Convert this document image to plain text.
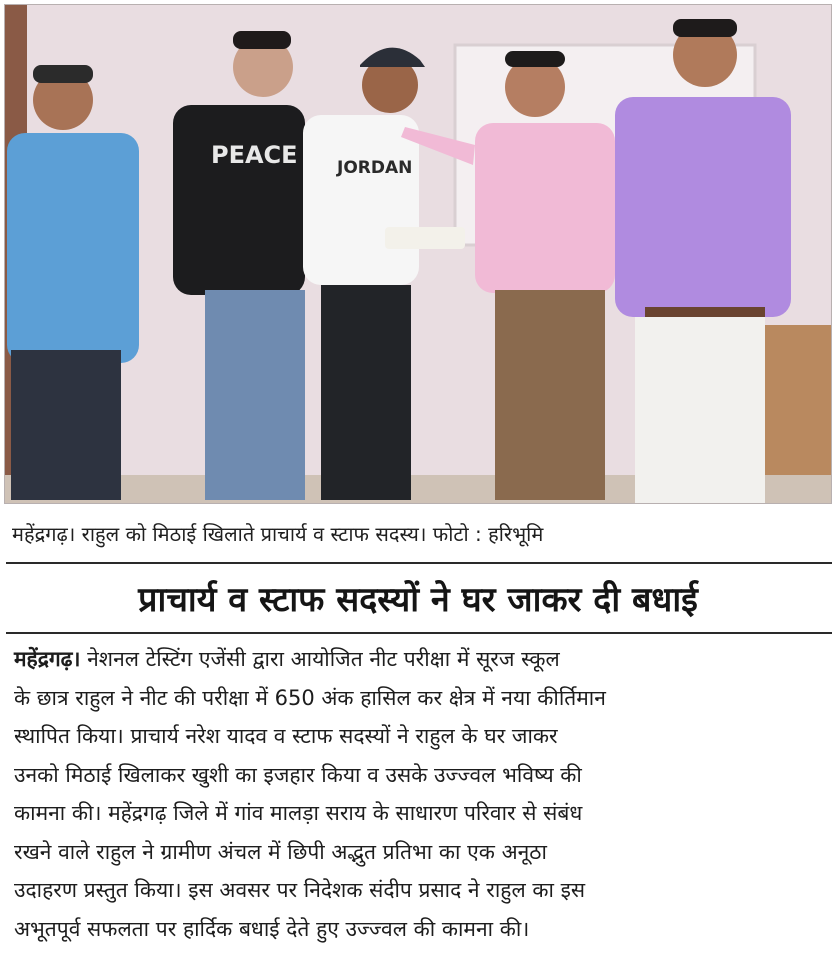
PEACE JORDAN
महेंद्रगढ़। राहुल को मिठाई खिलाते प्राचार्य व स्टाफ सदस्य। फोटो : हरिभूमि
प्राचार्य व स्टाफ सदस्यों ने घर जाकर दी बधाई
महेंद्रगढ़। नेशनल टेस्टिंग एजेंसी द्वारा आयोजित नीट परीक्षा में सूरज स्कूल
के छात्र राहुल ने नीट की परीक्षा में 650 अंक हासिल कर क्षेत्र में नया कीर्तिमान
स्थापित किया। प्राचार्य नरेश यादव व स्टाफ सदस्यों ने राहुल के घर जाकर
उनको मिठाई खिलाकर खुशी का इजहार किया व उसके उज्ज्वल भविष्य की
कामना की। महेंद्रगढ़ जिले में गांव मालड़ा सराय के साधारण परिवार से संबंध
रखने वाले राहुल ने ग्रामीण अंचल में छिपी अद्भुत प्रतिभा का एक अनूठा
उदाहरण प्रस्तुत किया। इस अवसर पर निदेशक संदीप प्रसाद ने राहुल का इस
अभूतपूर्व सफलता पर हार्दिक बधाई देते हुए उज्ज्वल की कामना की।
